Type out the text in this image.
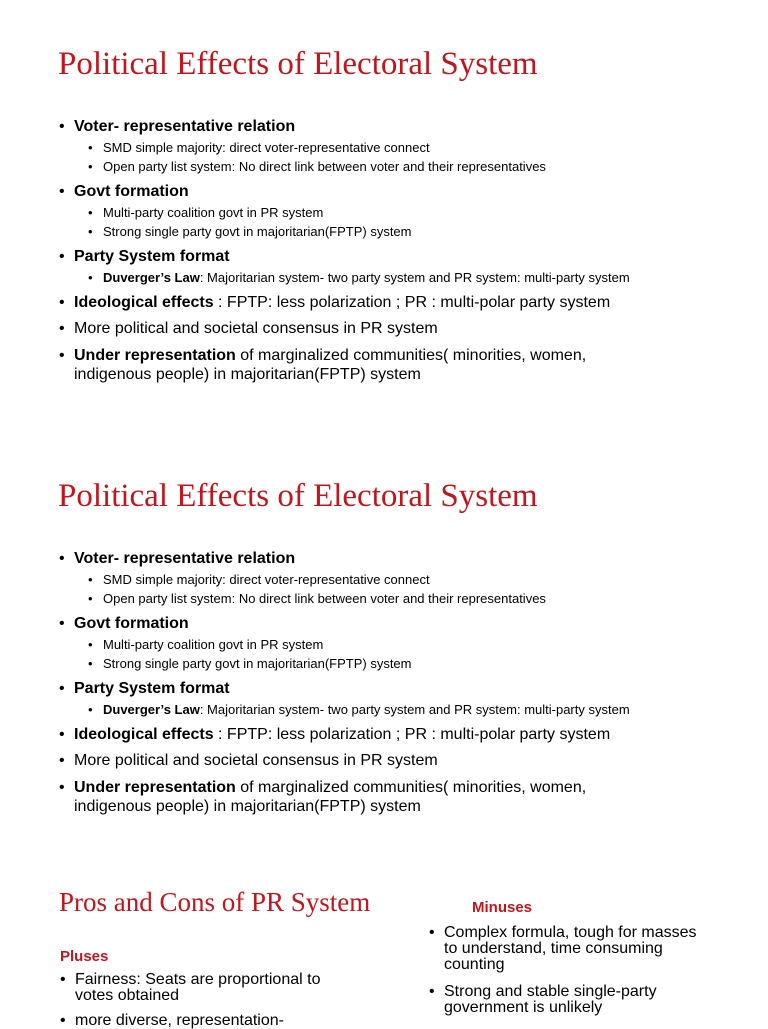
Political Effects of Electoral System
• Voter- representative relation
• SMD simple majority: direct voter-representative connect
• Open party list system: No direct link between voter and their representatives
• Govt formation
• Multi-party coalition govt in PR system
• Strong single party govt in majoritarian(FPTP) system
• Party System format
• Duverger’s Law: Majoritarian system- two party system and PR system: multi-party system
• Ideological effects : FPTP: less polarization ; PR : multi-polar party system
• More political and societal consensus in PR system
• Under representation of marginalized communities( minorities, women,
indigenous people) in majoritarian(FPTP) system
Political Effects of Electoral System
• Voter- representative relation
• SMD simple majority: direct voter-representative connect
• Open party list system: No direct link between voter and their representatives
• Govt formation
• Multi-party coalition govt in PR system
• Strong single party govt in majoritarian(FPTP) system
• Party System format
• Duverger’s Law: Majoritarian system- two party system and PR system: multi-party system
• Ideological effects : FPTP: less polarization ; PR : multi-polar party system
• More political and societal consensus in PR system
• Under representation of marginalized communities( minorities, women,
indigenous people) in majoritarian(FPTP) system
Pros and Cons of PR System	Minuses
Pluses
• Complex formula, tough for masses
to understand, time consuming
counting
• Strong and stable single-party
government is unlikely
• Fairness: Seats are proportional to
votes obtained
• more diverse, representation-
